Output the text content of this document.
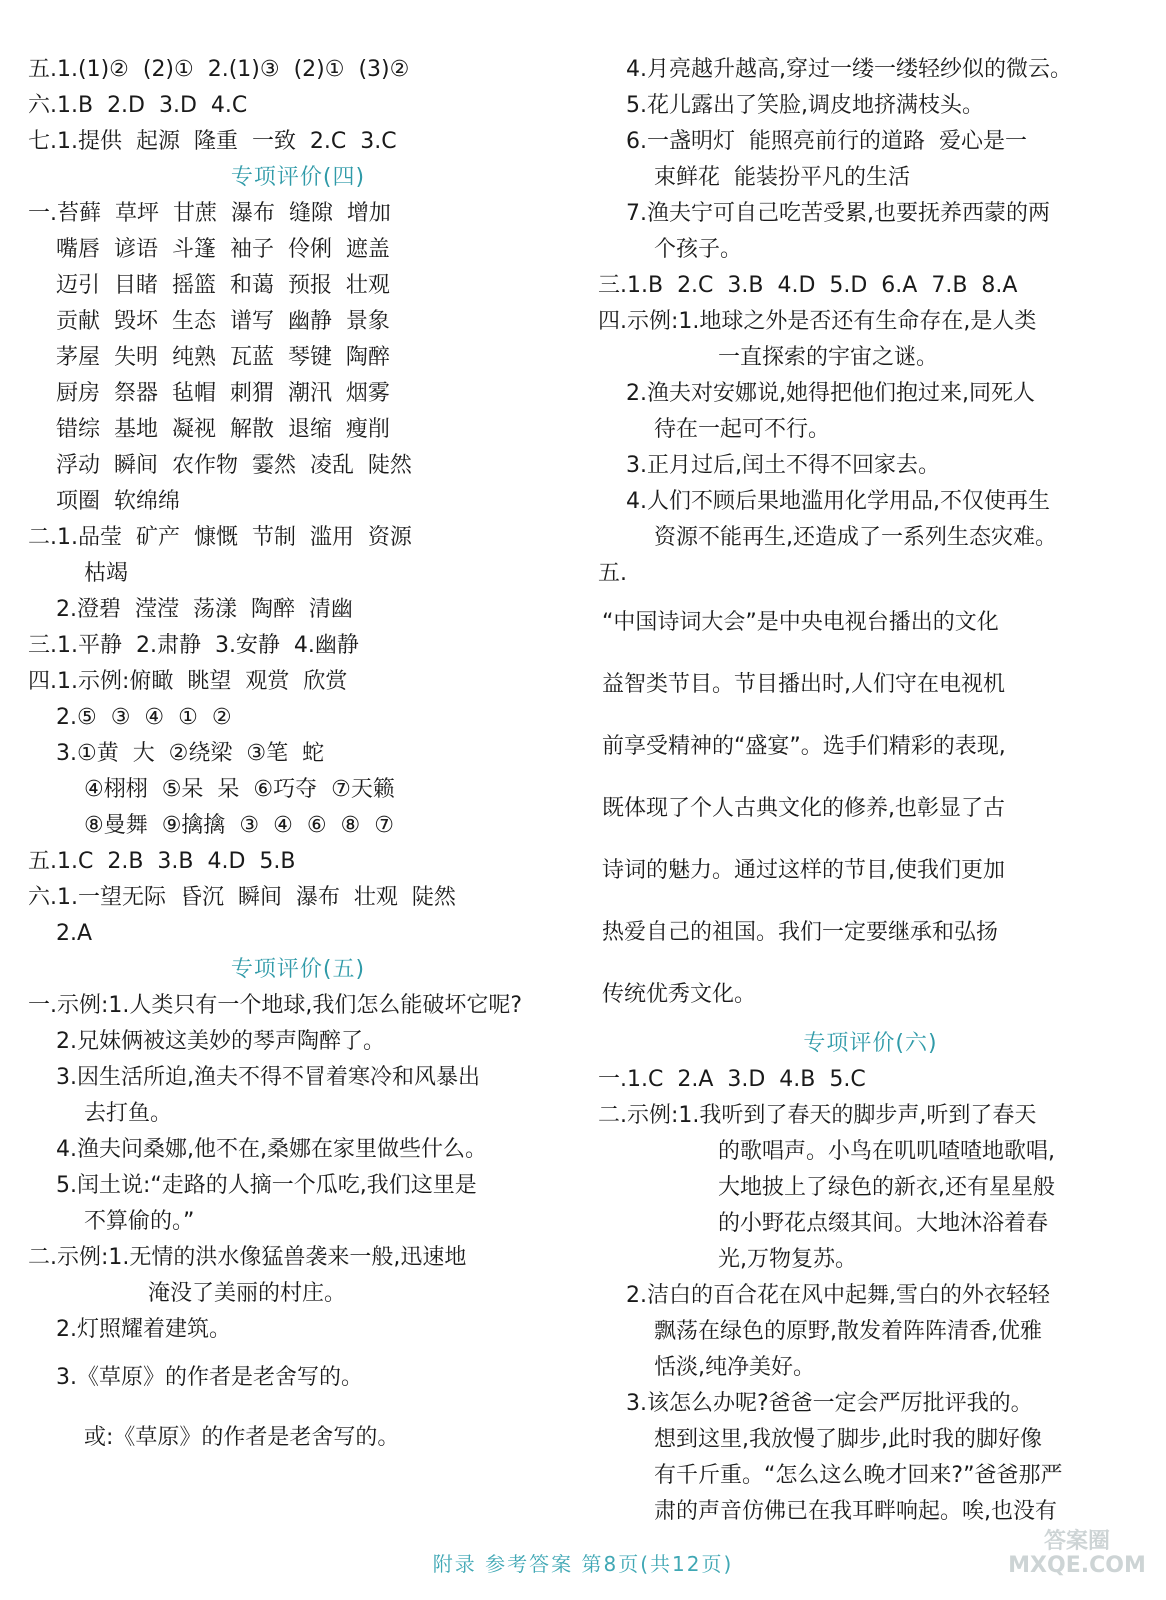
五.1.(1)②  (2)①  2.(1)③  (2)①  (3)②
六.1.B  2.D  3.D  4.C
七.1.提供  起源  隆重  一致  2.C  3.C
专项评价(四)
一.苔藓  草坪  甘蔗  瀑布  缝隙  增加
嘴唇  谚语  斗篷  袖子  伶俐  遮盖
迈引  目睹  摇篮  和蔼  预报  壮观
贡献  毁坏  生态  谱写  幽静  景象
茅屋  失明  纯熟  瓦蓝  琴键  陶醉
厨房  祭器  毡帽  刺猬  潮汛  烟雾
错综  基地  凝视  解散  退缩  瘦削
浮动  瞬间  农作物  霎然  凌乱  陡然
项圈  软绵绵
二.1.品莹  矿产  慷慨  节制  滥用  资源
枯竭
2.澄碧  滢滢  荡漾  陶醉  清幽
三.1.平静  2.肃静  3.安静  4.幽静
四.1.示例:俯瞰  眺望  观赏  欣赏
2.⑤  ③  ④  ①  ②
3.①黄  大  ②绕梁  ③笔  蛇
④栩栩  ⑤呆  呆  ⑥巧夺  ⑦天籁
⑧曼舞  ⑨擒擒  ③  ④  ⑥  ⑧  ⑦
五.1.C  2.B  3.B  4.D  5.B
六.1.一望无际  昏沉  瞬间  瀑布  壮观  陡然
2.A
专项评价(五)
一.示例:1.人类只有一个地球,我们怎么能破坏它呢?
2.兄妹俩被这美妙的琴声陶醉了。
3.因生活所迫,渔夫不得不冒着寒冷和风暴出
去打鱼。
4.渔夫问桑娜,他不在,桑娜在家里做些什么。
5.闰土说:“走路的人摘一个瓜吃,我们这里是
不算偷的。”
二.示例:1.无情的洪水像猛兽袭来一般,迅速地
淹没了美丽的村庄。
2.灯照耀着建筑。
3.《草原》的作者是老舍写的。
或:《草原》的作者是老舍写的。
4.月亮越升越高,穿过一缕一缕轻纱似的微云。
5.花儿露出了笑脸,调皮地挤满枝头。
6.一盏明灯  能照亮前行的道路  爱心是一
束鲜花  能装扮平凡的生活
7.渔夫宁可自己吃苦受累,也要抚养西蒙的两
个孩子。
三.1.B  2.C  3.B  4.D  5.D  6.A  7.B  8.A
四.示例:1.地球之外是否还有生命存在,是人类
一直探索的宇宙之谜。
2.渔夫对安娜说,她得把他们抱过来,同死人
待在一起可不行。
3.正月过后,闰土不得不回家去。
4.人们不顾后果地滥用化学用品,不仅使再生
资源不能再生,还造成了一系列生态灾难。
五.
“中国诗词大会”是中央电视台播出的文化
益智类节目。节目播出时,人们守在电视机
前享受精神的“盛宴”。选手们精彩的表现,
既体现了个人古典文化的修养,也彰显了古
诗词的魅力。通过这样的节目,使我们更加
热爱自己的祖国。我们一定要继承和弘扬
传统优秀文化。
专项评价(六)
一.1.C  2.A  3.D  4.B  5.C
二.示例:1.我听到了春天的脚步声,听到了春天
的歌唱声。小鸟在叽叽喳喳地歌唱,
大地披上了绿色的新衣,还有星星般
的小野花点缀其间。大地沐浴着春
光,万物复苏。
2.洁白的百合花在风中起舞,雪白的外衣轻轻
飘荡在绿色的原野,散发着阵阵清香,优雅
恬淡,纯净美好。
3.该怎么办呢?爸爸一定会严厉批评我的。
想到这里,我放慢了脚步,此时我的脚好像
有千斤重。“怎么这么晚才回来?”爸爸那严
肃的声音仿佛已在我耳畔响起。唉,也没有
附录 参考答案 第8页(共12页)
答案圈 MXQE.COM
